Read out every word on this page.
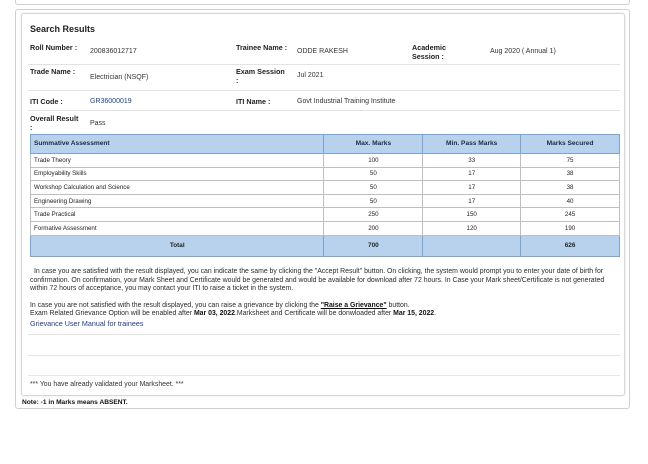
Search Results
Roll Number :	200836012717	Trainee Name : ODDE RAKESH	Academic Session :
Aug 2020 ( Annual 1)
Trade Name :
Electrician (NSQF)
Exam Session :
Jul 2021
ITI Code :	GR36000019	ITI Name :	Govt Industrial Training Institute
Overall Result :	Pass
Summative Assessment	Max. Marks	Min. Pass Marks	Marks Secured
Trade Theory	100	33	75
Employability Skills	50	17	38
Workshop Calculation and Science	50	17	38
Engineering Drawing	50	17	40
Trade Practical	250	150	245
Formative Assessment	200	120	190
Total	700		626
In case you are satisfied with the result displayed, you can indicate the same by clicking the "Accept Result" button. On clicking, the system would prompt you to enter your date of birth for confirmation. On confirmation, your Mark Sheet and Certificate would be generated and would be available for download after 72 hours. In Case your Mark sheet/Certificate is not generated within 72 hours of acceptance, you may contact your ITI to raise a ticket in the system.
In case you are not satisfied with the result displayed, you can raise a grievance by clicking the "Raise a Grievance" button.
Exam Related Grievance Option will be enabled after Mar 03, 2022.Marksheet and Certificate will be donwloaded after Mar 15, 2022.
Grievance User Manual for trainees
*** You have already validated your Marksheet. ***
Note: -1 in Marks means ABSENT.
